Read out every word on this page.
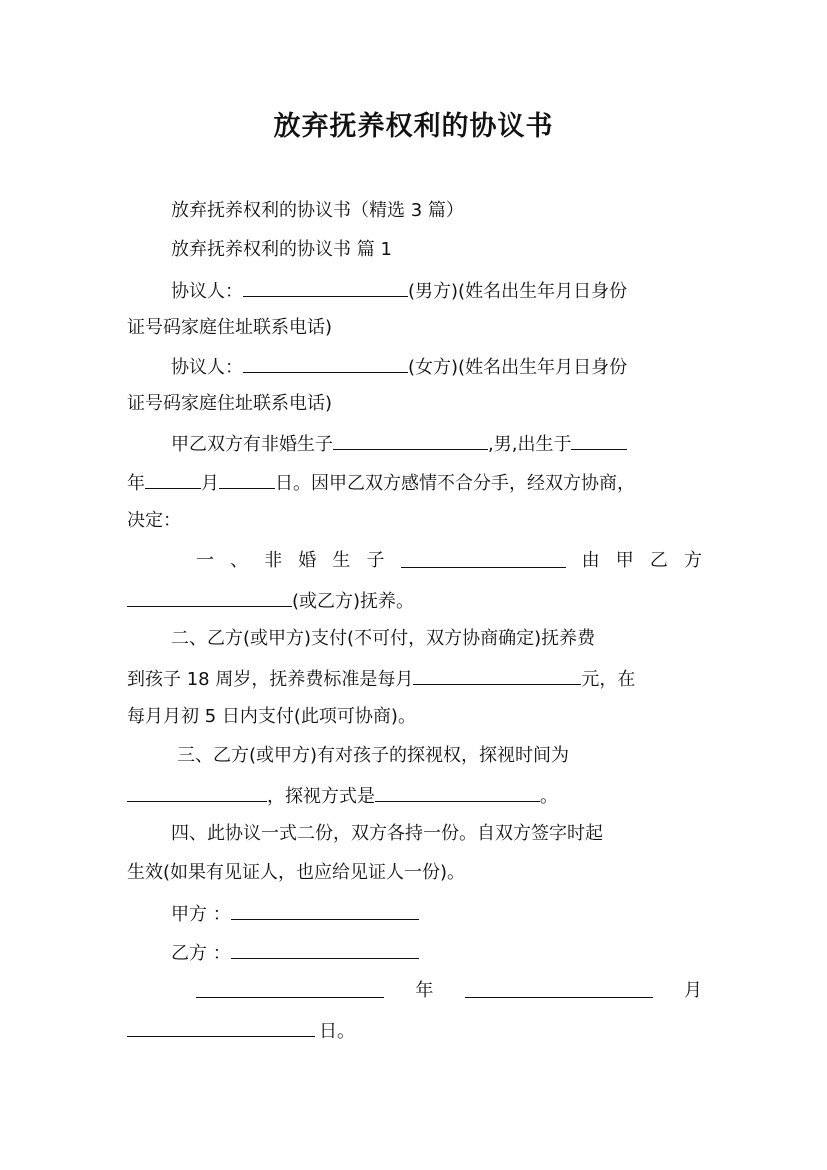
放弃抚养权利的协议书
放弃抚养权利的协议书（精选 3 篇）
放弃抚养权利的协议书 篇 1
协议人：	(男方)(姓名出生年月日身份
证号码家庭住址联系电话)
协议人：	(女方)(姓名出生年月日身份
证号码家庭住址联系电话)
甲乙双方有非婚生子	,男,出生于
年	月	日。因甲乙双方感情不合分手，经双方协商，
决定：
一 、 非 婚 生 子	由 甲 乙 方
(或乙方)抚养。
二、乙方(或甲方)支付(不可付，双方协商确定)抚养费
到孩子 18 周岁，抚养费标准是每月	元，在
每月月初 5 日内支付(此项可协商)。
三、乙方(或甲方)有对孩子的探视权，探视时间为
，探视方式是	。
四、此协议一式二份，双方各持一份。自双方签字时起
生效(如果有见证人，也应给见证人一份)。
甲方 ：
乙方 ：
年	月
日。
